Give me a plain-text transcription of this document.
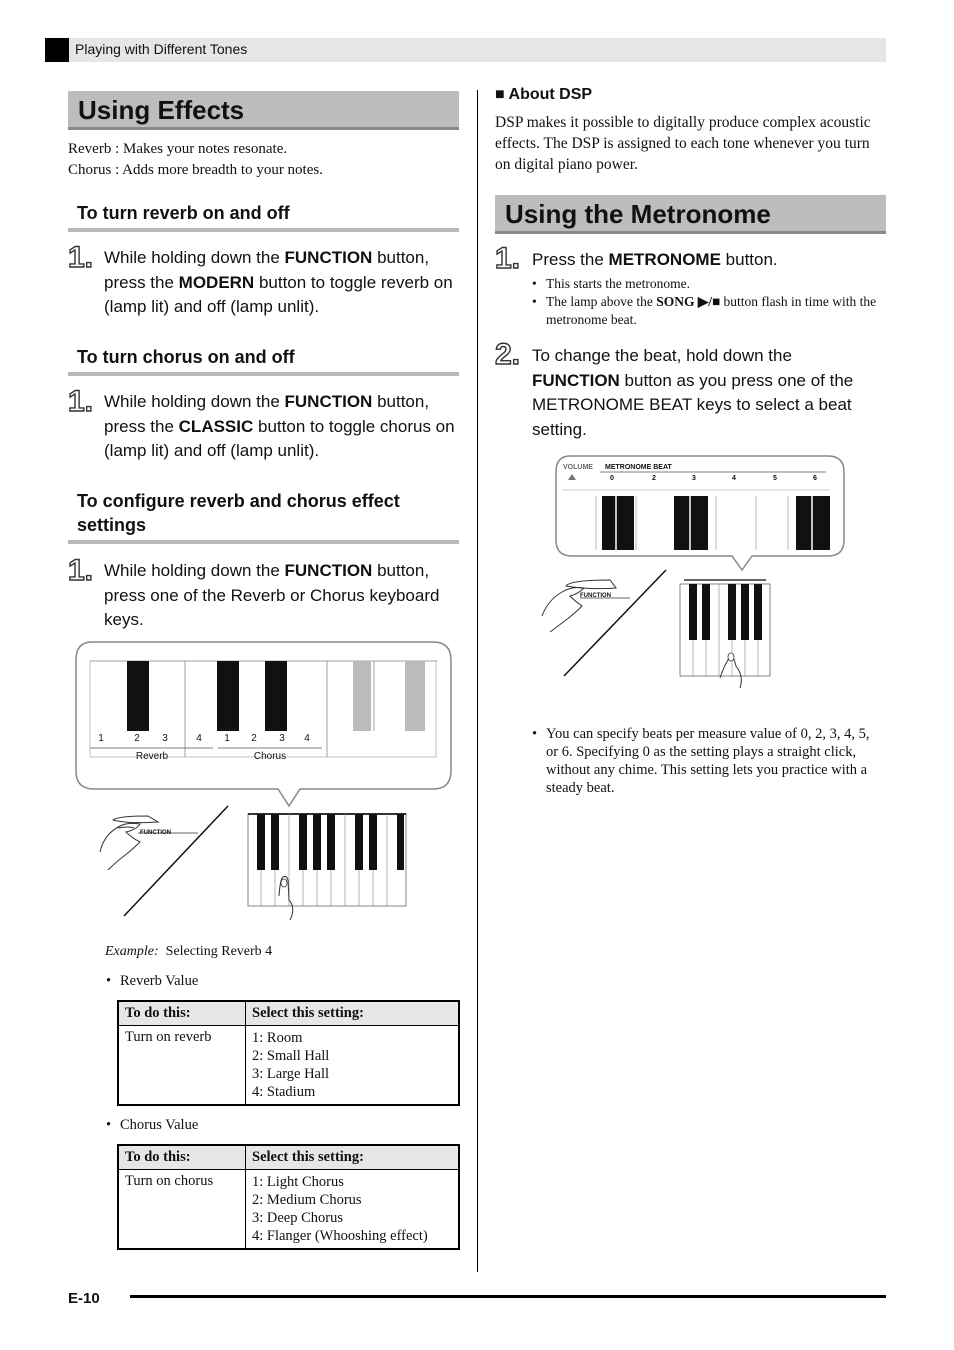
Playing with Different Tones
Using Effects
Reverb : Makes your notes resonate.
Chorus : Adds more breadth to your notes.
To turn reverb on and off
1. While holding down the FUNCTION button, press the MODERN button to toggle reverb on (lamp lit) and off (lamp unlit).
To turn chorus on and off
1. While holding down the FUNCTION button, press the CLASSIC button to toggle chorus on (lamp lit) and off (lamp unlit).
To configure reverb and chorus effect settings
1. While holding down the FUNCTION button, press one of the Reverb or Chorus keyboard keys.
1	2	3	4	1	2	3	4
Reverb	Chorus
FUNCTION
Example: Selecting Reverb 4
• Reverb Value
To do this:	Select this setting:
Turn on reverb	1: Room
2: Small Hall
3: Large Hall
4: Stadium
• Chorus Value
To do this:	Select this setting:
Turn on chorus	1: Light Chorus
2: Medium Chorus
3: Deep Chorus
4: Flanger (Whooshing effect)
■ About DSP
DSP makes it possible to digitally produce complex acoustic effects. The DSP is assigned to each tone whenever you turn on digital piano power.
Using the Metronome
1. Press the METRONOME button.
• This starts the metronome.
• The lamp above the SONG ▶/■ button flash in time with the metronome beat.
2. To change the beat, hold down the FUNCTION button as you press one of the METRONOME BEAT keys to select a beat setting.
VOLUME METRONOME BEAT
0	2	3	4	5	6
FUNCTION
• You can specify beats per measure value of 0, 2, 3, 4, 5, or 6. Specifying 0 as the setting plays a straight click, without any chime. This setting lets you practice with a steady beat.
E-10
